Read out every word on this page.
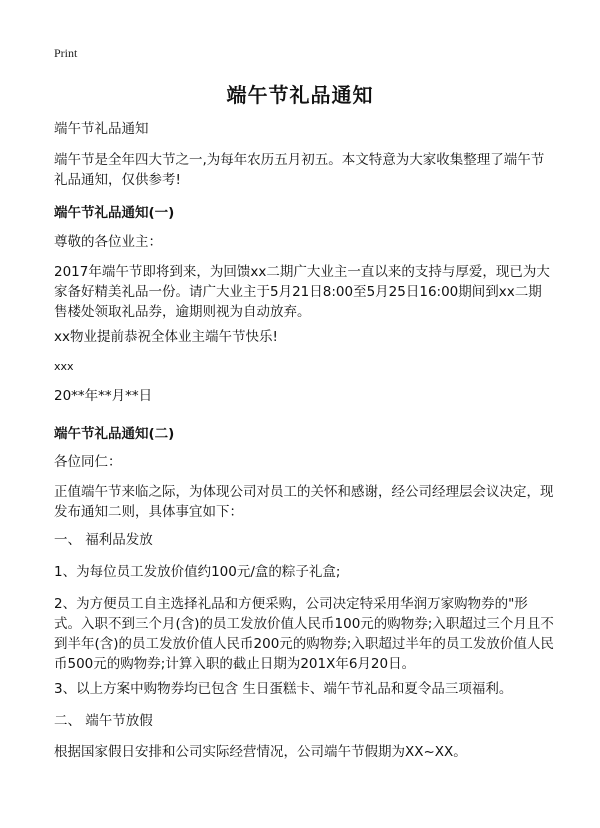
Print
端午节礼品通知

端午节礼品通知

端午节是全年四大节之一,为每年农历五月初五。本文特意为大家收集整理了端午节礼品通知，仅供参考!

端午节礼品通知(一)

尊敬的各位业主：

2017年端午节即将到来，为回馈xx二期广大业主一直以来的支持与厚爱，现已为大家备好精美礼品一份。请广大业主于5月21日8:00至5月25日16:00期间到xx二期售楼处领取礼品券，逾期则视为自动放弃。

xx物业提前恭祝全体业主端午节快乐!

xxx

20**年**月**日

端午节礼品通知(二)

各位同仁：

正值端午节来临之际，为体现公司对员工的关怀和感谢，经公司经理层会议决定，现发布通知二则，具体事宜如下：

一、 福利品发放

1、为每位员工发放价值约100元/盒的粽子礼盒;

2、为方便员工自主选择礼品和方便采购，公司决定特采用华润万家购物券的"形式。入职不到三个月(含)的员工发放价值人民币100元的购物券;入职超过三个月且不到半年(含)的员工发放价值人民币200元的购物券;入职超过半年的员工发放价值人民币500元的购物券;计算入职的截止日期为201X年6月20日。

3、以上方案中购物券均已包含 生日蛋糕卡、端午节礼品和夏令品三项福利。

二、 端午节放假

根据国家假日安排和公司实际经营情况，公司端午节假期为XX~XX。
